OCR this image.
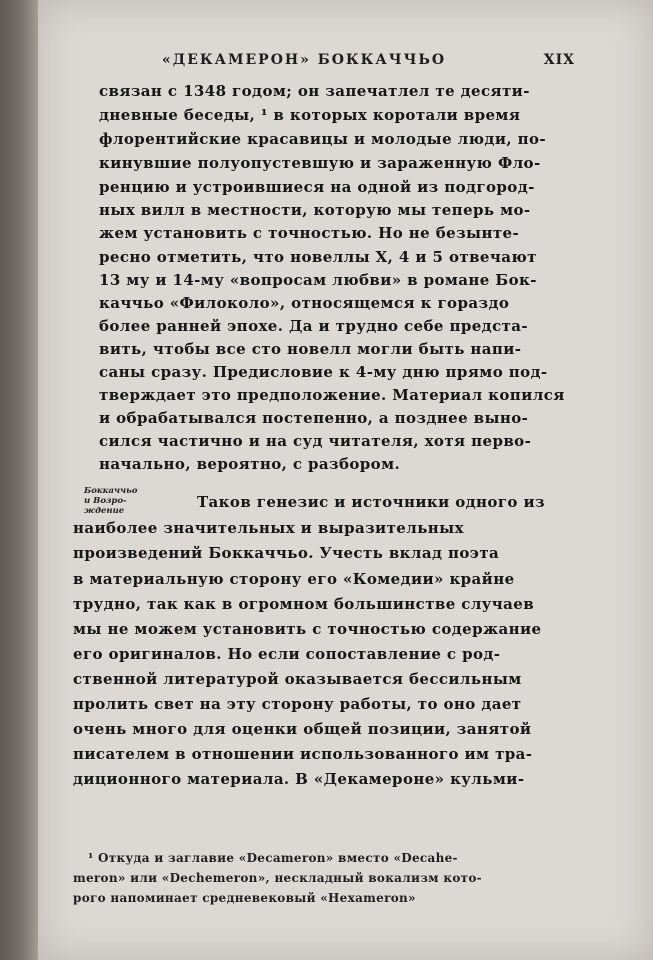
«ДЕКАМЕРОН» БОККАЧЧЬО	XIX
связан с 1348 годом; он запечатлел те десяти-
дневные беседы, ¹ в которых коротали время
флорентийские красавицы и молодые люди, по-
кинувшие полуопустевшую и зараженную Фло-
ренцию и устроившиеся на одной из подгород-
ных вилл в местности, которую мы теперь мо-
жем установить с точностью. Но не безынте-
ресно отметить, что новеллы X, 4 и 5 отвечают
13 му и 14-му «вопросам любви» в романе Бок-
каччьо «Филоколо», относящемся к гораздо
более ранней эпохе. Да и трудно себе предста-
вить, чтобы все сто новелл могли быть напи-
саны сразу. Предисловие к 4-му дню прямо под-
тверждает это предположение. Материал копился
и обрабатывался постепенно, а позднее выно-
сился частично и на суд читателя, хотя перво-
начально, вероятно, с разбором.
Боккаччьо
и Возро-
ждение	Таков генезис и источники одного из
наиболее значительных и выразительных
произведений Боккаччьо. Учесть вклад поэта
в материальную сторону его «Комедии» крайне
трудно, так как в огромном большинстве случаев
мы не можем установить с точностью содержание
его оригиналов. Но если сопоставление с род-
ственной литературой оказывается бессильным
пролить свет на эту сторону работы, то оно дает
очень много для оценки общей позиции, занятой
писателем в отношении использованного им тра-
диционного материала. В «Декамероне» кульми-
¹ Откуда и заглавие «Decameron» вместо «Decahe-
meron» или «Dechemeron», нескладный вокализм кото-
рого напоминает средневековый «Hexameron»
